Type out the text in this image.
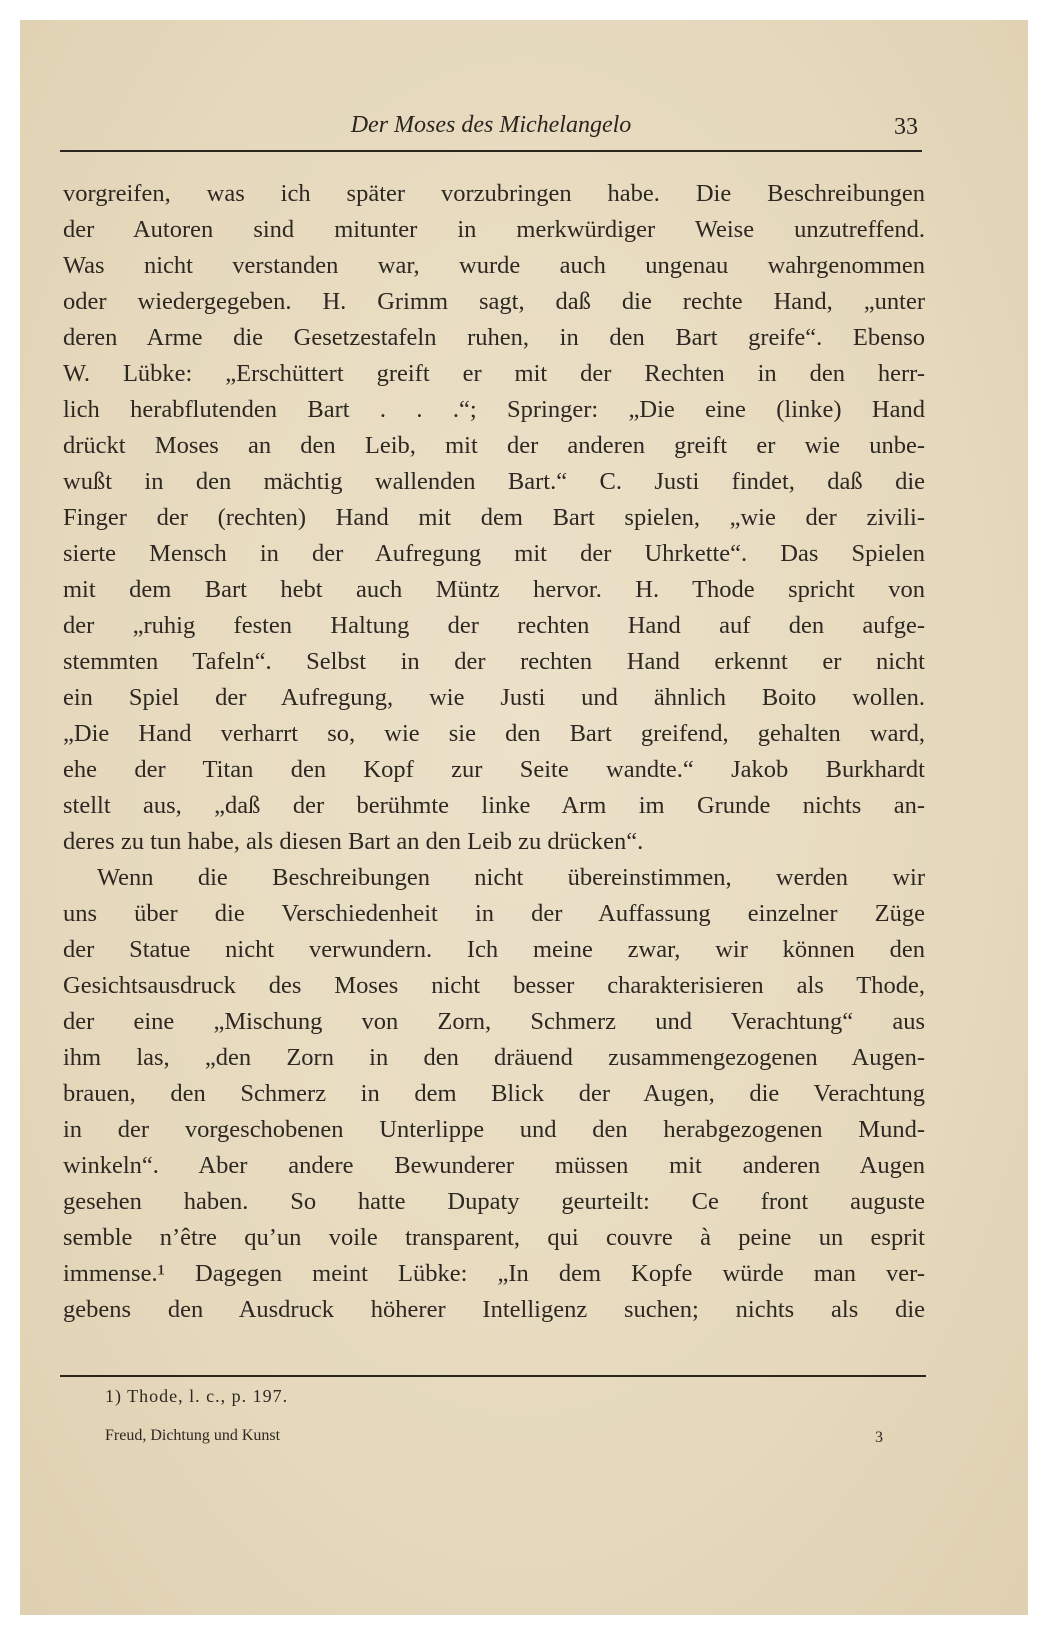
Der Moses des Michelangelo	33
vorgreifen, was ich später vorzubringen habe. Die Beschreibungen
der Autoren sind mitunter in merkwürdiger Weise unzutreffend.
Was nicht verstanden war, wurde auch ungenau wahrgenommen
oder wiedergegeben. H. Grimm sagt, daß die rechte Hand, „unter
deren Arme die Gesetzestafeln ruhen, in den Bart greife“. Ebenso
W. Lübke: „Erschüttert greift er mit der Rechten in den herr-
lich herabflutenden Bart . . .“; Springer: „Die eine (linke) Hand
drückt Moses an den Leib, mit der anderen greift er wie unbe-
wußt in den mächtig wallenden Bart.“ C. Justi findet, daß die
Finger der (rechten) Hand mit dem Bart spielen, „wie der zivili-
sierte Mensch in der Aufregung mit der Uhrkette“. Das Spielen
mit dem Bart hebt auch Müntz hervor. H. Thode spricht von
der „ruhig festen Haltung der rechten Hand auf den aufge-
stemmten Tafeln“. Selbst in der rechten Hand erkennt er nicht
ein Spiel der Aufregung, wie Justi und ähnlich Boito wollen.
„Die Hand verharrt so, wie sie den Bart greifend, gehalten ward,
ehe der Titan den Kopf zur Seite wandte.“ Jakob Burkhardt
stellt aus, „daß der berühmte linke Arm im Grunde nichts an-
deres zu tun habe, als diesen Bart an den Leib zu drücken“.
Wenn die Beschreibungen nicht übereinstimmen, werden wir
uns über die Verschiedenheit in der Auffassung einzelner Züge
der Statue nicht verwundern. Ich meine zwar, wir können den
Gesichtsausdruck des Moses nicht besser charakterisieren als Thode,
der eine „Mischung von Zorn, Schmerz und Verachtung“ aus
ihm las, „den Zorn in den dräuend zusammengezogenen Augen-
brauen, den Schmerz in dem Blick der Augen, die Verachtung
in der vorgeschobenen Unterlippe und den herabgezogenen Mund-
winkeln“. Aber andere Bewunderer müssen mit anderen Augen
gesehen haben. So hatte Dupaty geurteilt: Ce front auguste
semble n’être qu’un voile transparent, qui couvre à peine un esprit
immense.¹ Dagegen meint Lübke: „In dem Kopfe würde man ver-
gebens den Ausdruck höherer Intelligenz suchen; nichts als die
1) Thode, l. c., p. 197.
Freud, Dichtung und Kunst	3
